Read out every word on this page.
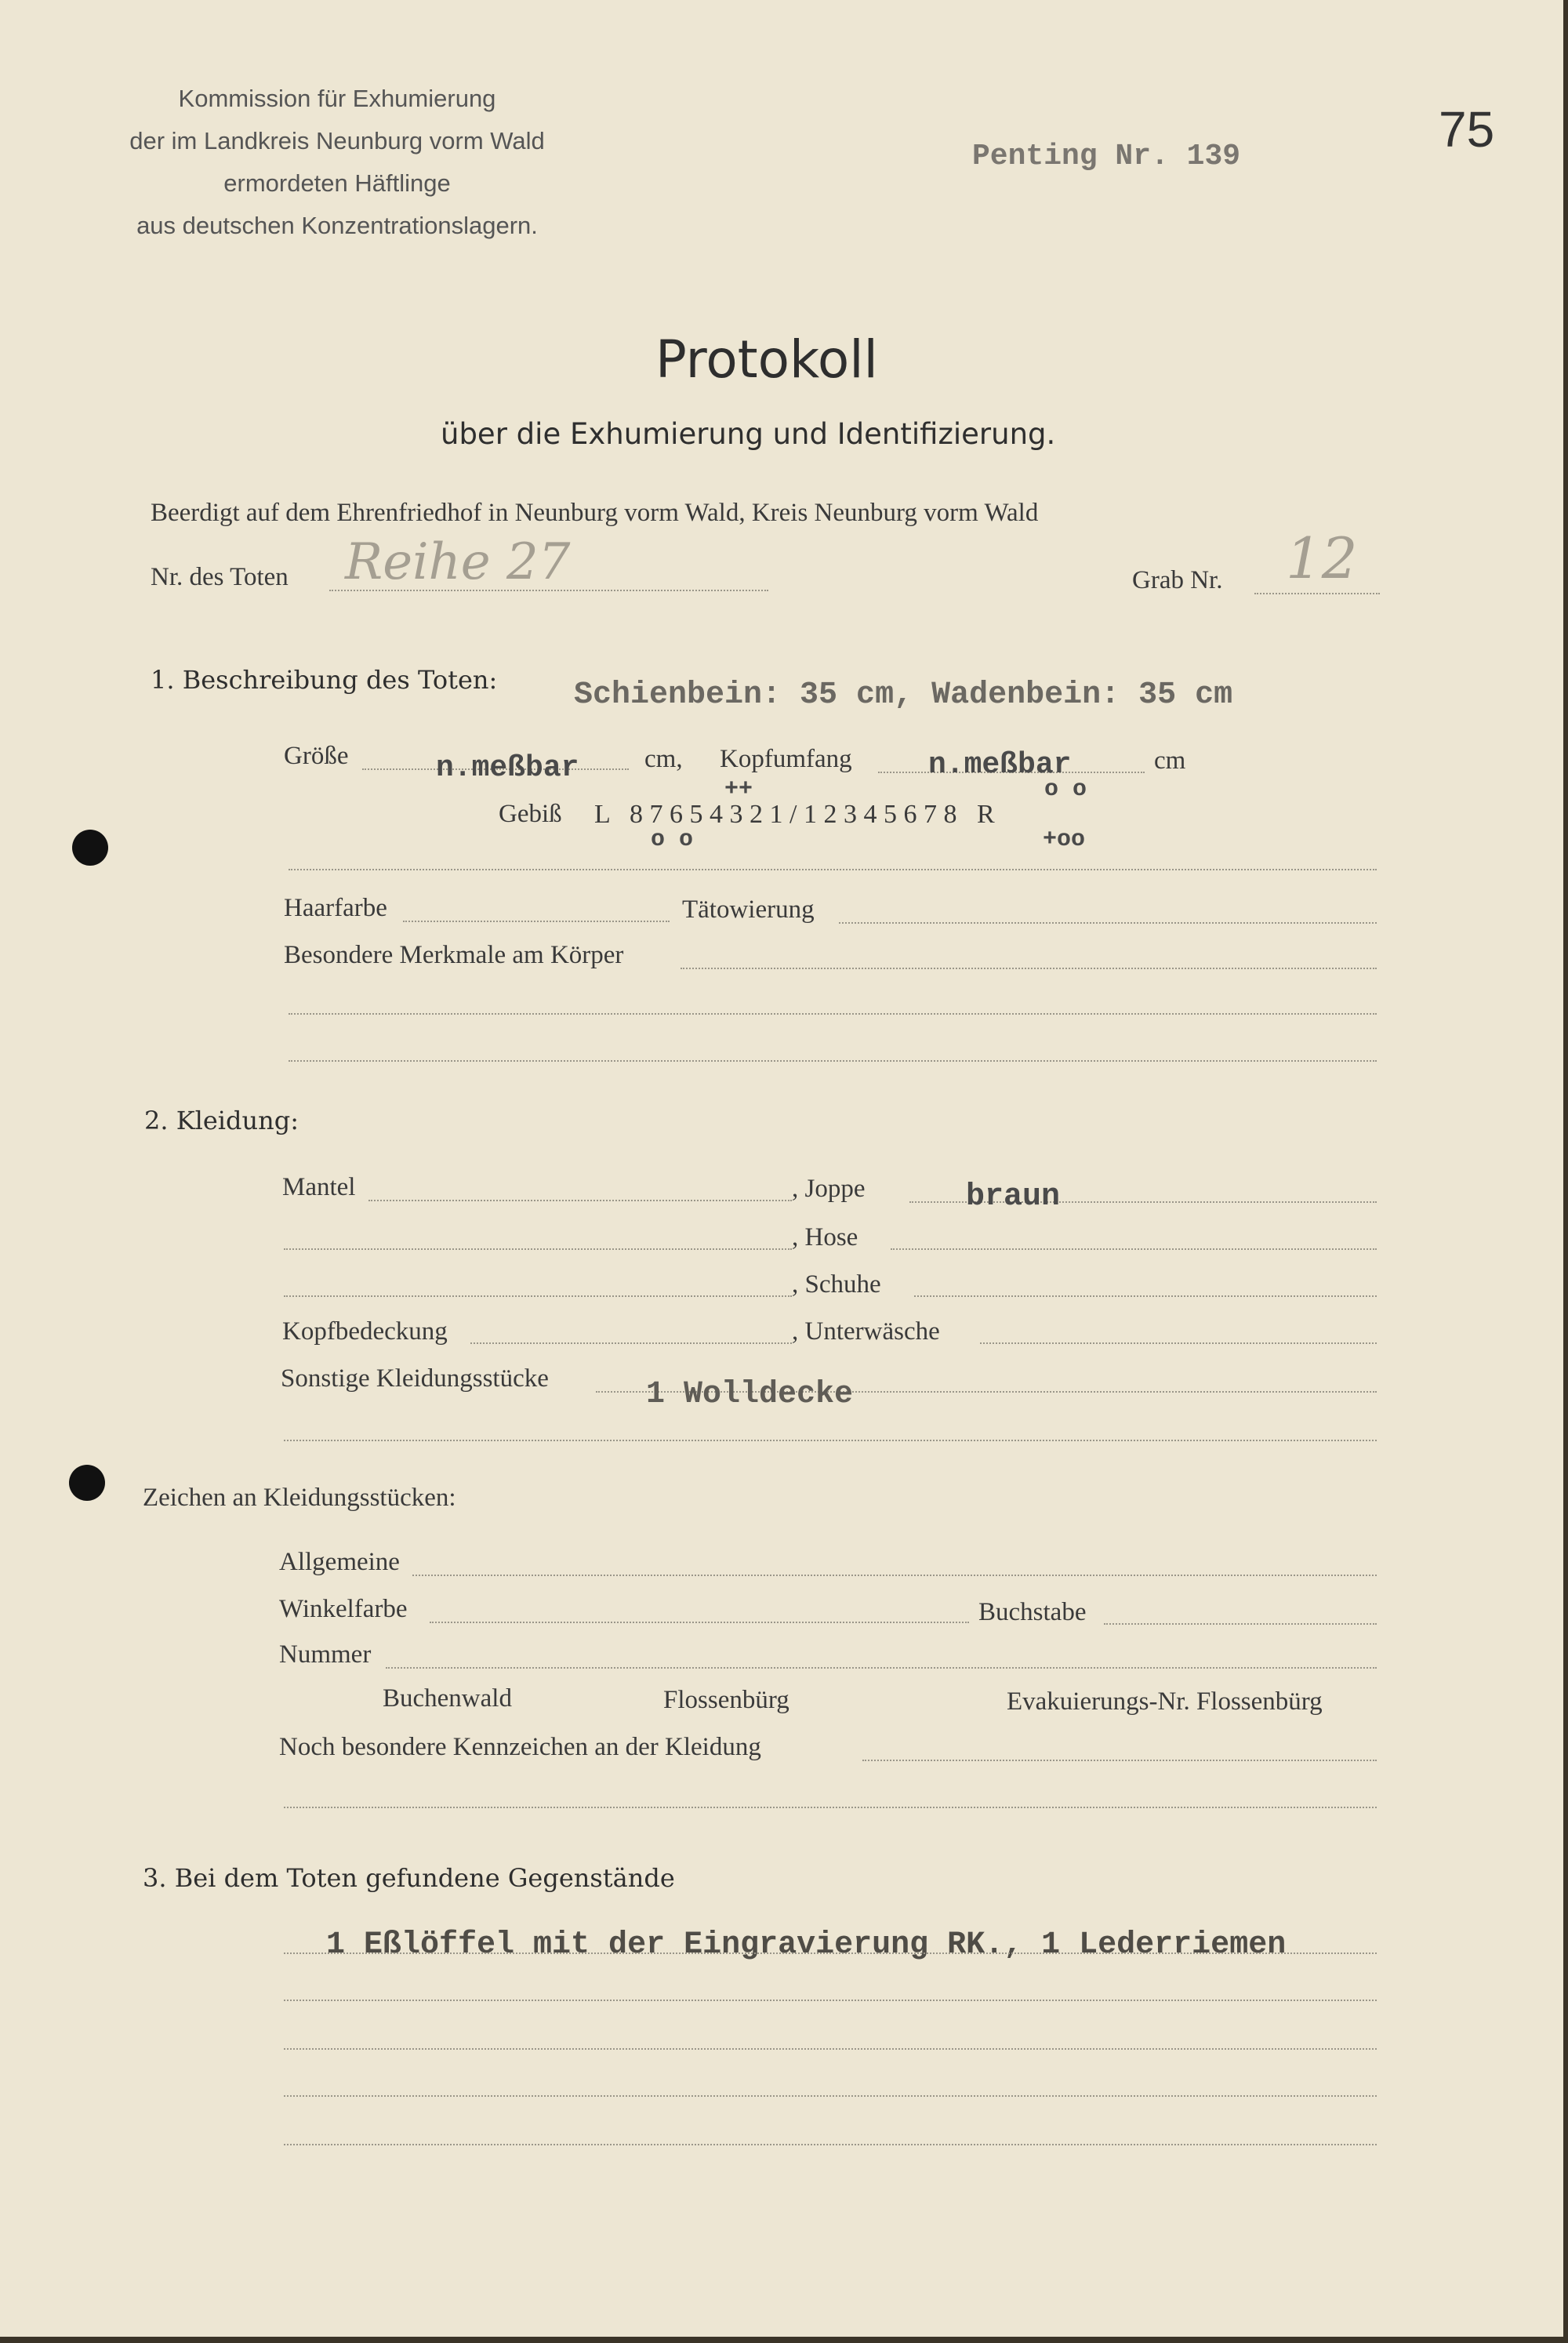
Kommission für Exhumierung
der im Landkreis Neunburg vorm Wald
ermordeten Häftlinge
aus deutschen Konzentrationslagern.
Penting Nr. 139	75
Protokoll
über die Exhumierung und Identifizierung.
Beerdigt auf dem Ehrenfriedhof in Neunburg vorm Wald, Kreis Neunburg vorm Wald
Nr. des Toten Reihe 27	Grab Nr. 12
1. Beschreibung des Toten: Schienbein: 35 cm, Wadenbein: 35 cm
Größe	n.meßbar	cm, Kopfumfang	n.meßbar	cm
++	o o
Gebiß L   8 7 6 5 4 3 2 1 / 1 2 3 4 5 6 7 8   R
o o	+oo
Haarfarbe	Tätowierung
Besondere Merkmale am Körper
2. Kleidung:
Mantel	, Joppe	braun
, Hose
, Schuhe
Kopfbedeckung	, Unterwäsche
Sonstige Kleidungsstücke	1 Wolldecke
Zeichen an Kleidungsstücken:
Allgemeine
Winkelfarbe	Buchstabe
Nummer
Buchenwald	Flossenbürg	Evakuierungs-Nr. Flossenbürg
Noch besondere Kennzeichen an der Kleidung
3. Bei dem Toten gefundene Gegenstände
1 Eßlöffel mit der Eingravierung RK., 1 Lederriemen
